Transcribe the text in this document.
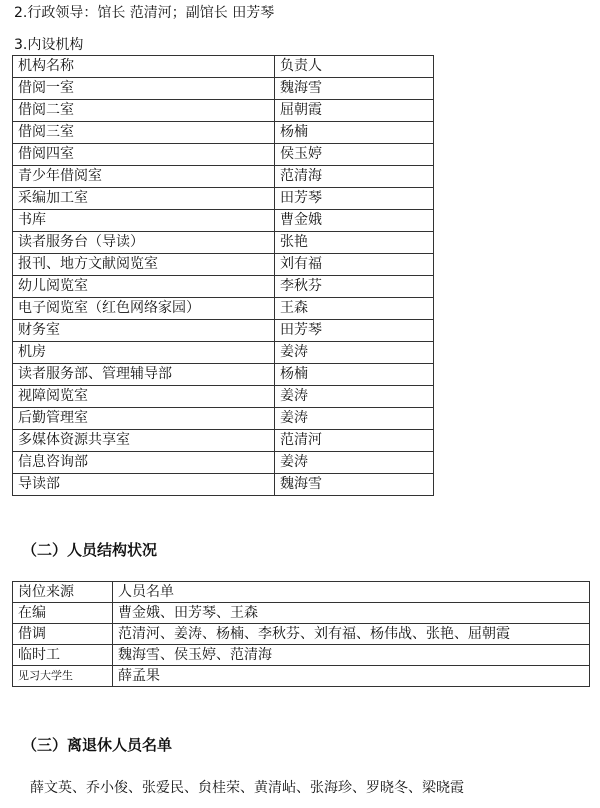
2.行政领导：馆长 范清河；副馆长 田芳琴
3.内设机构
机构名称	负责人
借阅一室	魏海雪
借阅二室	屈朝霞
借阅三室	杨楠
借阅四室	侯玉婷
青少年借阅室	范清海
采编加工室	田芳琴
书库	曹金娥
读者服务台（导读）	张艳
报刊、地方文献阅览室	刘有福
幼儿阅览室	李秋芬
电子阅览室（红色网络家园）	王森
财务室	田芳琴
机房	姜涛
读者服务部、管理辅导部	杨楠
视障阅览室	姜涛
后勤管理室	姜涛
多媒体资源共享室	范清河
信息咨询部	姜涛
导读部	魏海雪
（二）人员结构状况
岗位来源	人员名单
在编	曹金娥、田芳琴、王森
借调	范清河、姜涛、杨楠、李秋芬、刘有福、杨伟战、张艳、屈朝霞
临时工	魏海雪、侯玉婷、范清海
见习大学生	薛孟果
（三）离退休人员名单
薛文英、乔小俊、张爱民、贠桂荣、黄清岾、张海珍、罗晓冬、梁晓霞
